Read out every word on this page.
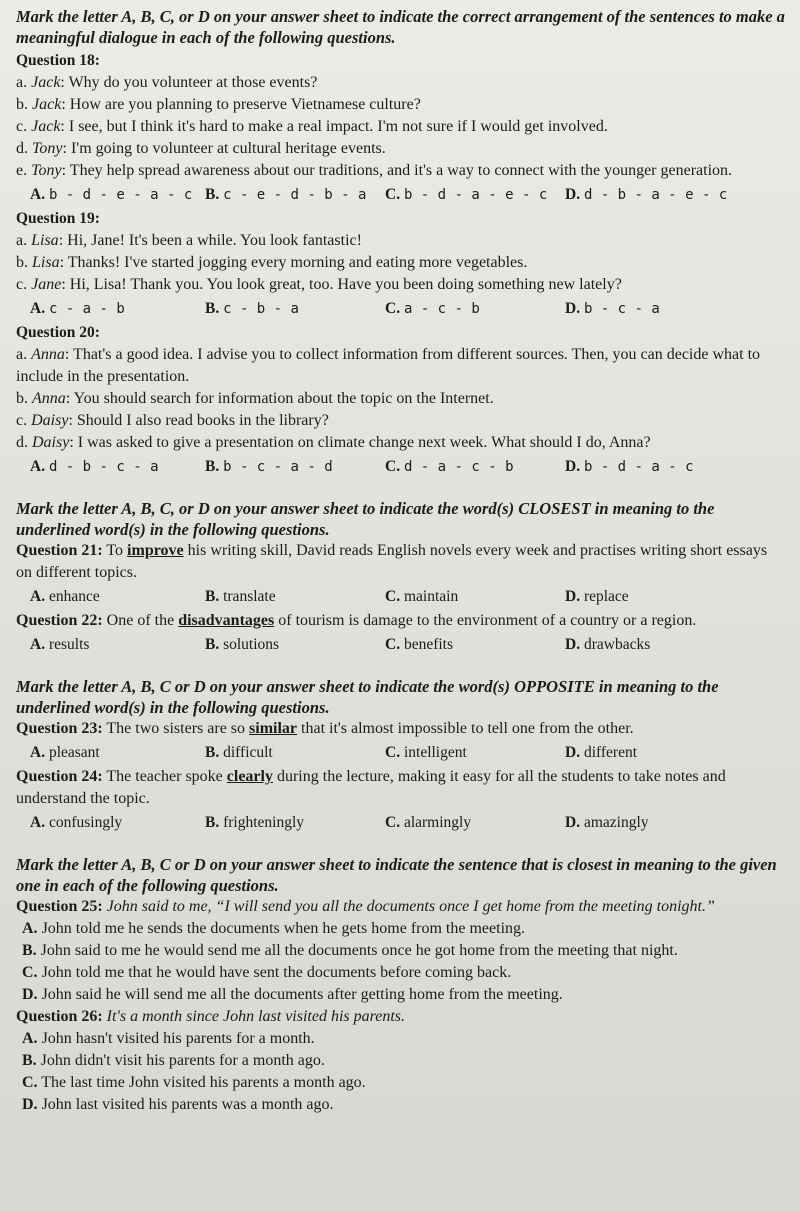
Mark the letter A, B, C, or D on your answer sheet to indicate the correct arrangement of the sentences to make a meaningful dialogue in each of the following questions.

Question 18:

a. Jack: Why do you volunteer at those events?

b. Jack: How are you planning to preserve Vietnamese culture?

c. Jack: I see, but I think it's hard to make a real impact. I'm not sure if I would get involved.

d. Tony: I'm going to volunteer at cultural heritage events.

e. Tony: They help spread awareness about our traditions, and it's a way to connect with the younger generation.

A. b - d - e - a - c B. c - e - d - b - a	C. b - d - a - e - c	D. d - b - a - e - c
Question 19:

a. Lisa: Hi, Jane! It's been a while. You look fantastic!

b. Lisa: Thanks! I've started jogging every morning and eating more vegetables.

c. Jane: Hi, Lisa! Thank you. You look great, too. Have you been doing something new lately?

A. c - a - b	B. c - b - a	C. a - c - b	D. b - c - a
Question 20:

a. Anna: That's a good idea. I advise you to collect information from different sources. Then, you can decide what to include in the presentation.

b. Anna: You should search for information about the topic on the Internet.

c. Daisy: Should I also read books in the library?

d. Daisy: I was asked to give a presentation on climate change next week. What should I do, Anna?

A. d - b - c - a	B. b - c - a - d	C. d - a - c - b	D. b - d - a - c

Mark the letter A, B, C, or D on your answer sheet to indicate the word(s) CLOSEST in meaning to the underlined word(s) in the following questions.

Question 21: To improve his writing skill, David reads English novels every week and practises writing short essays on different topics.

A. enhance	B. translate	C. maintain	D. replace

Question 22: One of the disadvantages of tourism is damage to the environment of a country or a region.

A. results	B. solutions	C. benefits	D. drawbacks

Mark the letter A, B, C or D on your answer sheet to indicate the word(s) OPPOSITE in meaning to the underlined word(s) in the following questions.

Question 23: The two sisters are so similar that it's almost impossible to tell one from the other.

A. pleasant	B. difficult	C. intelligent	D. different

Question 24: The teacher spoke clearly during the lecture, making it easy for all the students to take notes and understand the topic.

A. confusingly	B. frighteningly	C. alarmingly	D. amazingly

Mark the letter A, B, C or D on your answer sheet to indicate the sentence that is closest in meaning to the given one in each of the following questions.

Question 25: John said to me, “I will send you all the documents once I get home from the meeting tonight.”

A. John told me he sends the documents when he gets home from the meeting.

B. John said to me he would send me all the documents once he got home from the meeting that night.

C. John told me that he would have sent the documents before coming back.

D. John said he will send me all the documents after getting home from the meeting.

Question 26: It's a month since John last visited his parents.

A. John hasn't visited his parents for a month.

B. John didn't visit his parents for a month ago.

C. The last time John visited his parents a month ago.

D. John last visited his parents was a month ago.
